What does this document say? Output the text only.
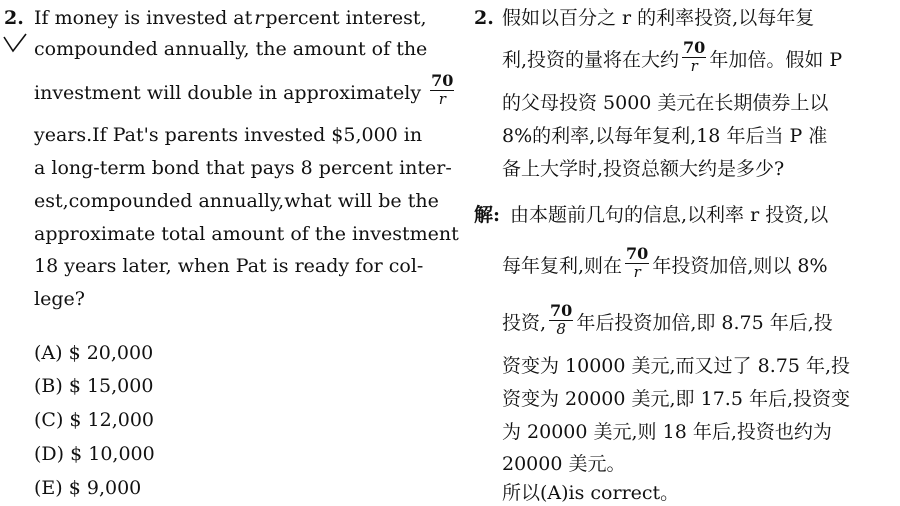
2. If money is invested at r percent interest,
compounded annually, the amount of the
investment will double in approximately $\frac{70}{r}$
years.If Pat's parents invested $5,000 in
a long-term bond that pays 8 percent inter-
est,compounded annually,what will be the
approximate total amount of the investment
18 years later, when Pat is ready for col-
lege?
(A) $ 20,000
(B) $ 15,000
(C) $ 12,000
(D) $ 10,000
(E) $ 9,000
2. 假如以百分之 r 的利率投资,以每年复
利,投资的量将在大约 $\frac{70}{r}$ 年加倍。假如 P
的父母投资 5000 美元在长期债券上以
8%的利率,以每年复利,18 年后当 P 准
备上大学时,投资总额大约是多少?
解: 由本题前几句的信息,以利率 r 投资,以
每年复利,则在 $\frac{70}{r}$ 年投资加倍,则以 8%
投资, $\frac{70}{8}$ 年后投资加倍,即 8.75 年后,投
资变为 10000 美元,而又过了 8.75 年,投
资变为 20000 美元,即 17.5 年后,投资变
为 20000 美元,则 18 年后,投资也约为
20000 美元。
所以(A)is correct。
